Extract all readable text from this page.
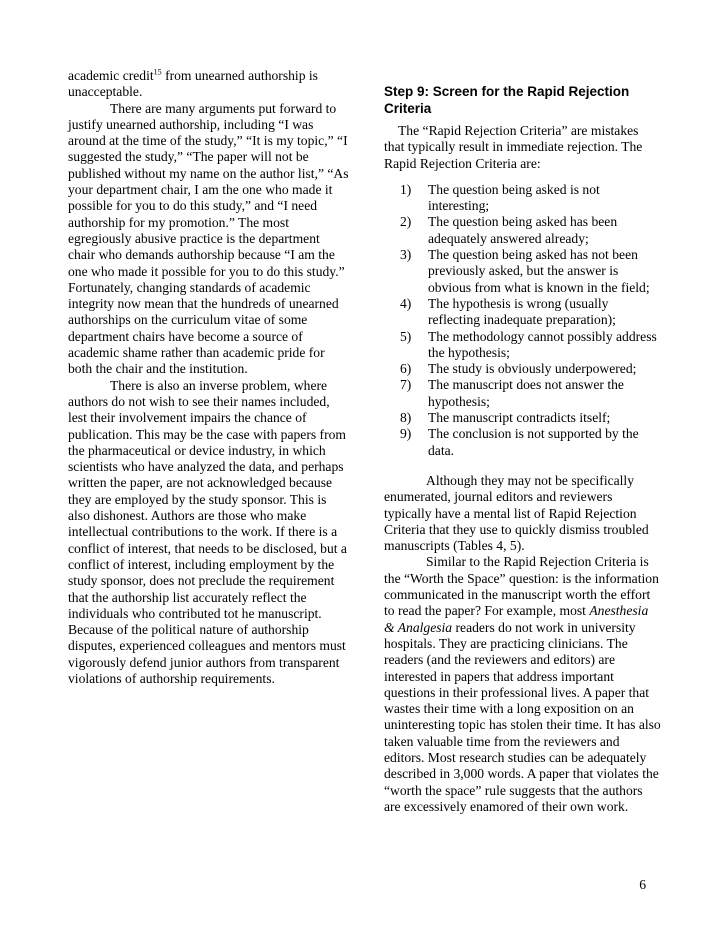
academic credit$^{15}$ from unearned authorship is unacceptable.

There are many arguments put forward to justify unearned authorship, including “I was around at the time of the study,” “It is my topic,” “I suggested the study,” “The paper will not be published without my name on the author list,” “As your department chair, I am the one who made it possible for you to do this study,” and “I need authorship for my promotion.” The most egregiously abusive practice is the department chair who demands authorship because “I am the one who made it possible for you to do this study.” Fortunately, changing standards of academic integrity now mean that the hundreds of unearned authorships on the curriculum vitae of some department chairs have become a source of academic shame rather than academic pride for both the chair and the institution.

There is also an inverse problem, where authors do not wish to see their names included, lest their involvement impairs the chance of publication. This may be the case with papers from the pharmaceutical or device industry, in which scientists who have analyzed the data, and perhaps written the paper, are not acknowledged because they are employed by the study sponsor. This is also dishonest. Authors are those who make intellectual contributions to the work. If there is a conflict of interest, that needs to be disclosed, but a conflict of interest, including employment by the study sponsor, does not preclude the requirement that the authorship list accurately reflect the individuals who contributed tot he manuscript. Because of the political nature of authorship disputes, experienced colleagues and mentors must vigorously defend junior authors from transparent violations of authorship requirements.

Step 9: Screen for the Rapid Rejection Criteria

The “Rapid Rejection Criteria” are mistakes that typically result in immediate rejection. The Rapid Rejection Criteria are:

1) The question being asked is not interesting;
2) The question being asked has been adequately answered already;
3) The question being asked has not been previously asked, but the answer is obvious from what is known in the field;
4) The hypothesis is wrong (usually reflecting inadequate preparation);
5) The methodology cannot possibly address the hypothesis;
6) The study is obviously underpowered;
7) The manuscript does not answer the hypothesis;
8) The manuscript contradicts itself;
9) The conclusion is not supported by the data.

Although they may not be specifically enumerated, journal editors and reviewers typically have a mental list of Rapid Rejection Criteria that they use to quickly dismiss troubled manuscripts (Tables 4, 5).

Similar to the Rapid Rejection Criteria is the “Worth the Space” question: is the information communicated in the manuscript worth the effort to read the paper? For example, most Anesthesia & Analgesia readers do not work in university hospitals. They are practicing clinicians. The readers (and the reviewers and editors) are interested in papers that address important questions in their professional lives. A paper that wastes their time with a long exposition on an uninteresting topic has stolen their time. It has also taken valuable time from the reviewers and editors. Most research studies can be adequately described in 3,000 words. A paper that violates the “worth the space” rule suggests that the authors are excessively enamored of their own work.

6
